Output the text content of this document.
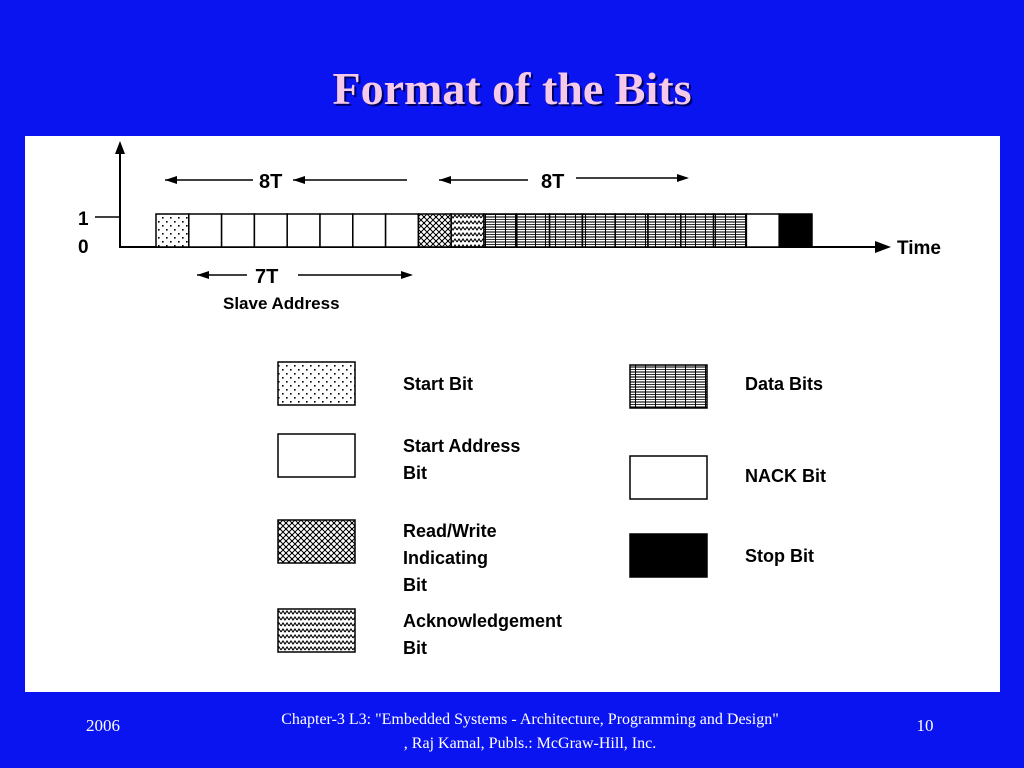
Format of the Bits
1
0	Time
8T	8T
7T
Slave Address
Start Bit
Start Address
Bit
Read/Write
Indicating
Bit
Acknowledgement
Bit
Data Bits
NACK Bit
Stop Bit
2006	Chapter-3 L3: "Embedded Systems - Architecture, Programming and Design"
, Raj Kamal, Publs.: McGraw-Hill, Inc.
10
